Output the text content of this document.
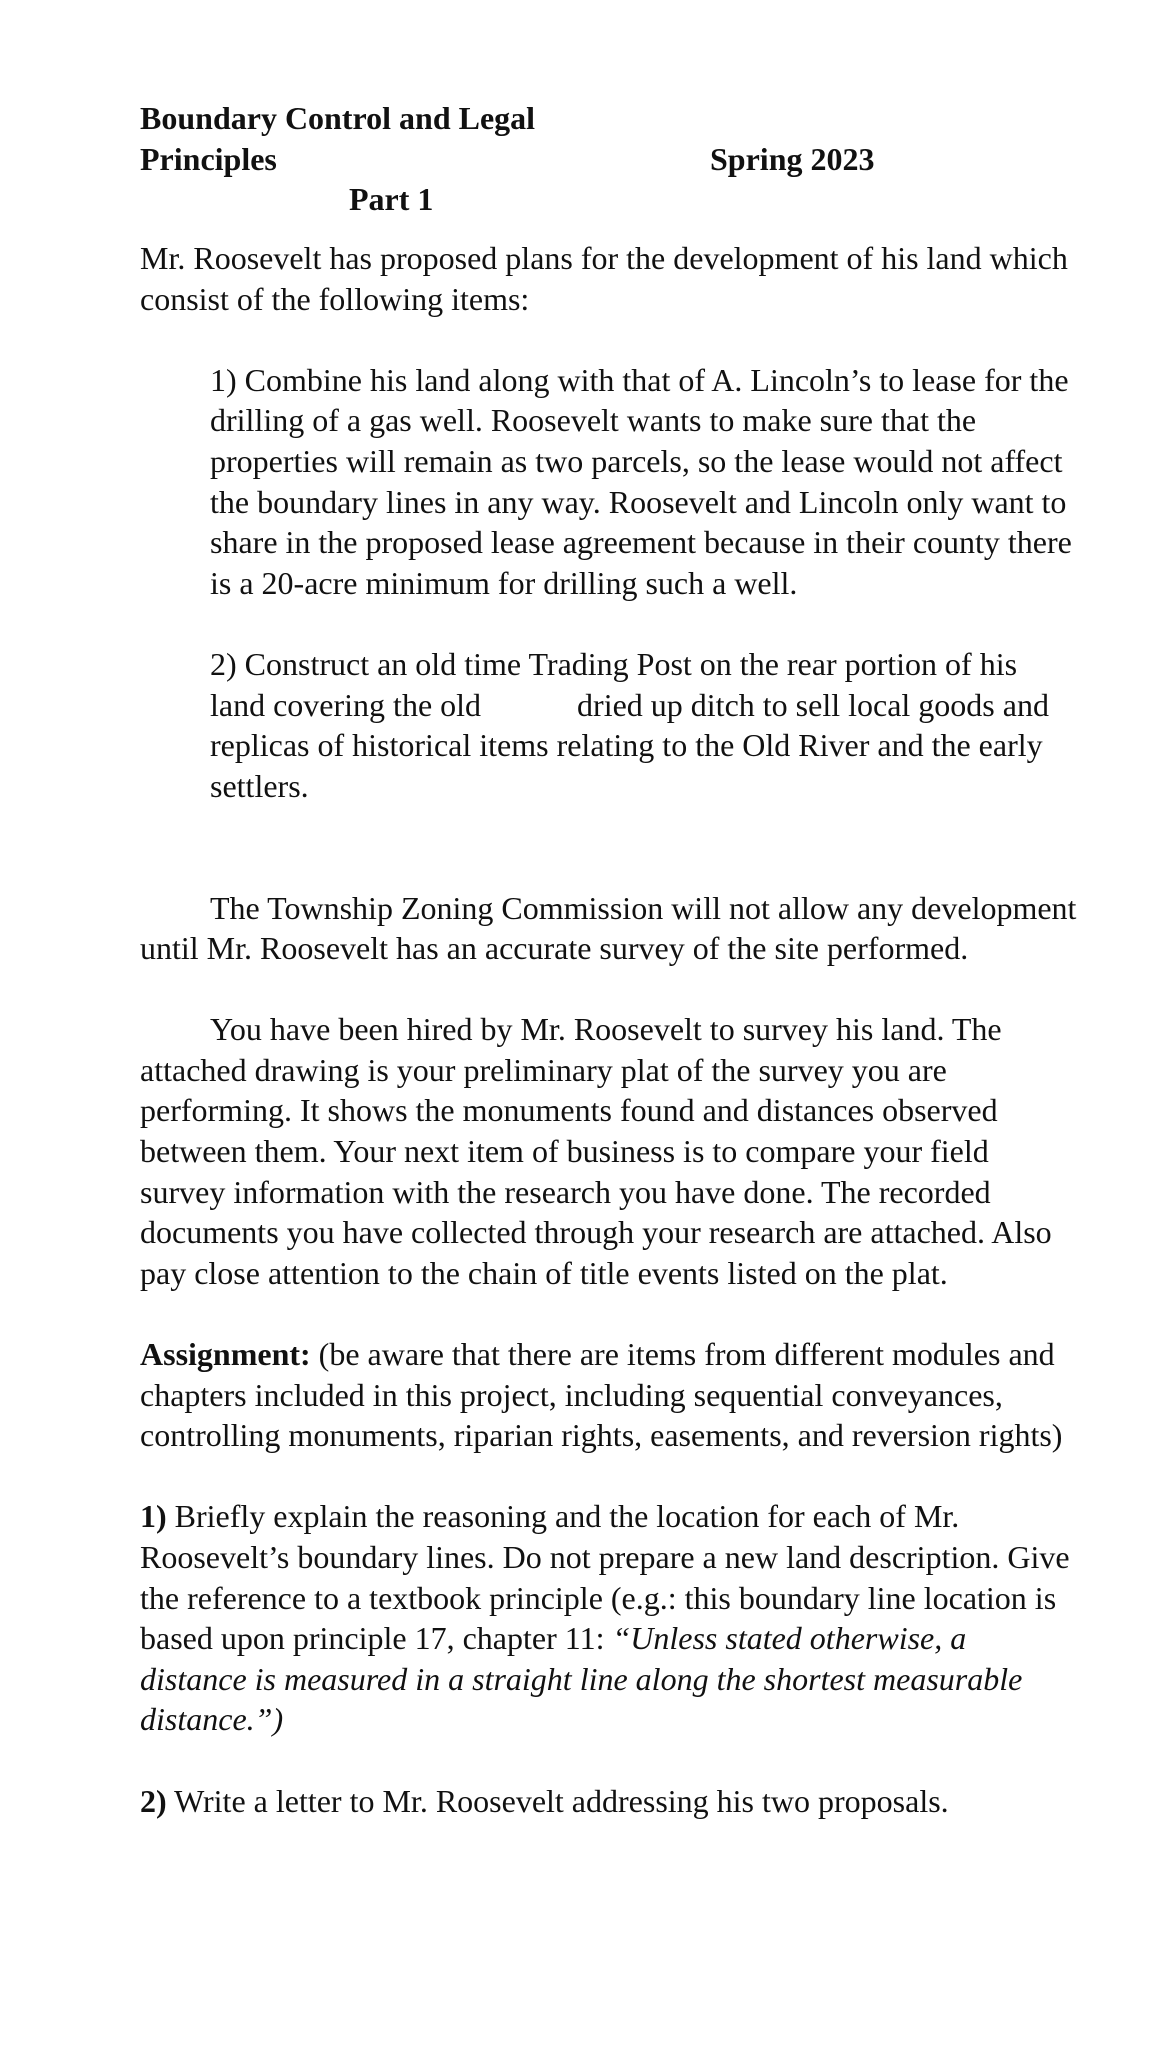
Boundary Control and Legal
Principles	Spring 2023
Part 1

Mr. Roosevelt has proposed plans for the development of his land which consist of the following items:

1) Combine his land along with that of A. Lincoln’s to lease for the drilling of a gas well. Roosevelt wants to make sure that the properties will remain as two parcels, so the lease would not affect the boundary lines in any way. Roosevelt and Lincoln only want to share in the proposed lease agreement because in their county there is a 20-acre minimum for drilling such a well.

2) Construct an old time Trading Post on the rear portion of his land covering the old	dried up ditch to sell local goods and replicas of historical items relating to the Old River and the early settlers.

The Township Zoning Commission will not allow any development until Mr. Roosevelt has an accurate survey of the site performed.

You have been hired by Mr. Roosevelt to survey his land. The attached drawing is your preliminary plat of the survey you are performing. It shows the monuments found and distances observed between them. Your next item of business is to compare your field survey information with the research you have done. The recorded documents you have collected through your research are attached. Also pay close attention to the chain of title events listed on the plat.

Assignment: (be aware that there are items from different modules and chapters included in this project, including sequential conveyances, controlling monuments, riparian rights, easements, and reversion rights)

1) Briefly explain the reasoning and the location for each of Mr. Roosevelt’s boundary lines. Do not prepare a new land description. Give the reference to a textbook principle (e.g.: this boundary line location is based upon principle 17, chapter 11: “Unless stated otherwise, a distance is measured in a straight line along the shortest measurable distance.”)

2) Write a letter to Mr. Roosevelt addressing his two proposals.
